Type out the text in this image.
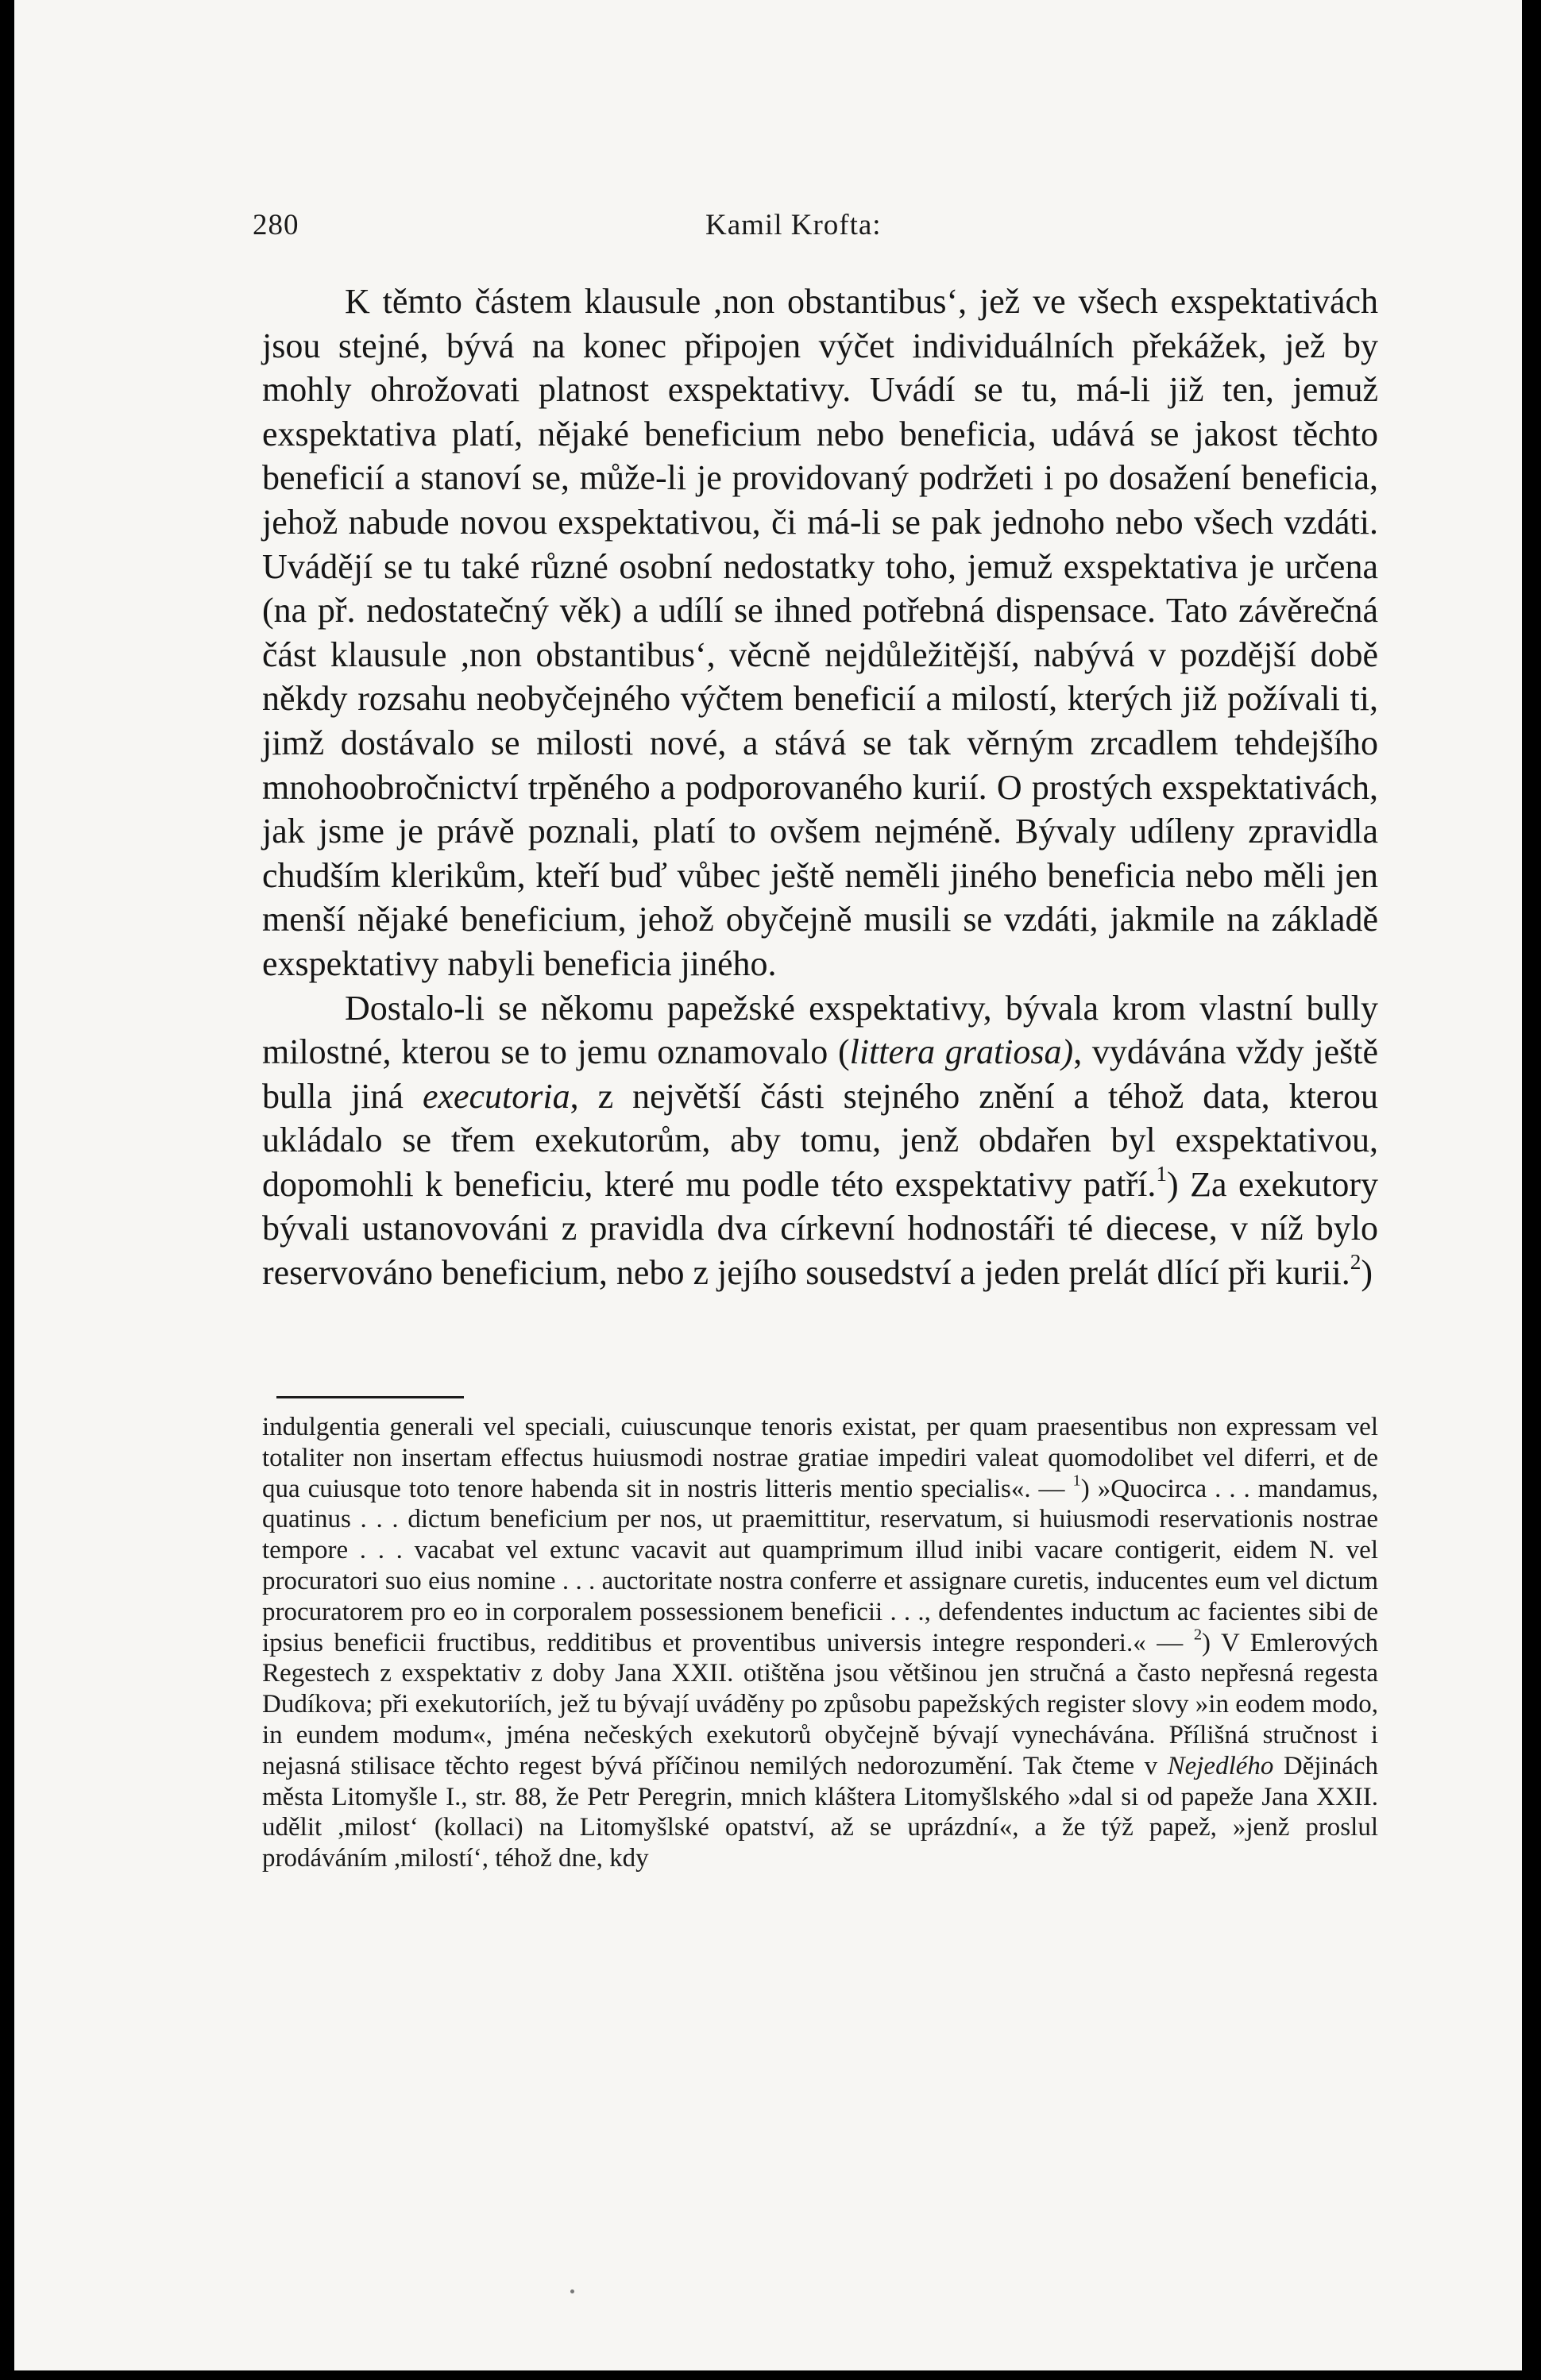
280	Kamil Krofta:

K těmto částem klausule ,non obstantibus‘, jež ve všech exspektativách jsou stejné, bývá na konec připojen výčet individuálních překážek, jež by mohly ohrožovati platnost exspektativy. Uvádí se tu, má-li již ten, jemuž exspektativa platí, nějaké beneficium nebo beneficia, udává se jakost těchto beneficií a stanoví se, může-li je providovaný podržeti i po dosažení beneficia, jehož nabude novou exspektativou, či má-li se pak jednoho nebo všech vzdáti. Uvádějí se tu také různé osobní nedostatky toho, jemuž exspektativa je určena (na př. nedostatečný věk) a udílí se ihned potřebná dispensace. Tato závěrečná část klausule ,non obstantibus‘, věcně nejdůležitější, nabývá v pozdější době někdy rozsahu neobyčejného výčtem beneficií a milostí, kterých již požívali ti, jimž dostávalo se milosti nové, a stává se tak věrným zrcadlem tehdejšího mnohoobročnictví trpěného a podporovaného kurií. O prostých exspektativách, jak jsme je právě poznali, platí to ovšem nejméně. Bývaly udíleny zpravidla chudším klerikům, kteří buď vůbec ještě neměli jiného beneficia nebo měli jen menší nějaké beneficium, jehož obyčejně musili se vzdáti, jakmile na základě exspektativy nabyli beneficia jiného.

Dostalo-li se někomu papežské exspektativy, bývala krom vlastní bully milostné, kterou se to jemu oznamovalo (littera gratiosa), vydávána vždy ještě bulla jiná executoria, z největší části stejného znění a téhož data, kterou ukládalo se třem exekutorům, aby tomu, jenž obdařen byl exspektativou, dopomohli k beneficiu, které mu podle této exspektativy patří.$^1$) Za exekutory bývali ustanovováni z pravidla dva církevní hodnostáři té diecese, v níž bylo reservováno beneficium, nebo z jejího sousedství a jeden prelát dlící při kurii.$^2$)

indulgentia generali vel speciali, cuiuscunque tenoris existat, per quam praesentibus non expressam vel totaliter non insertam effectus huiusmodi nostrae gratiae impediri valeat quomodolibet vel diferri, et de qua cuiusque toto tenore habenda sit in nostris litteris mentio specialis«. — $^1$) »Quocirca . . . mandamus, quatinus . . . dictum beneficium per nos, ut praemittitur, reservatum, si huiusmodi reservationis nostrae tempore . . . vacabat vel extunc vacavit aut quamprimum illud inibi vacare contigerit, eidem N. vel procuratori suo eius nomine . . . auctoritate nostra conferre et assignare curetis, inducentes eum vel dictum procuratorem pro eo in corporalem possessionem beneficii . . ., defendentes inductum ac facientes sibi de ipsius beneficii fructibus, redditibus et proventibus universis integre responderi.« — $^2$) V Emlerových Regestech z exspektativ z doby Jana XXII. otištěna jsou většinou jen stručná a často nepřesná regesta Dudíkova; při exekutoriích, jež tu bývají uváděny po způsobu papežských register slovy »in eodem modo, in eundem modum«, jména nečeských exekutorů obyčejně bývají vynechávána. Přílišná stručnost i nejasná stilisace těchto regest bývá příčinou nemilých nedorozumění. Tak čteme v Nejedlého Dějinách města Litomyšle I., str. 88, že Petr Peregrin, mnich kláštera Litomyšlského »dal si od papeže Jana XXII. udělit ,milost‘ (kollaci) na Litomyšlské opatství, až se uprázdní«, a že týž papež, »jenž proslul prodáváním ,milostí‘, téhož dne, kdy
